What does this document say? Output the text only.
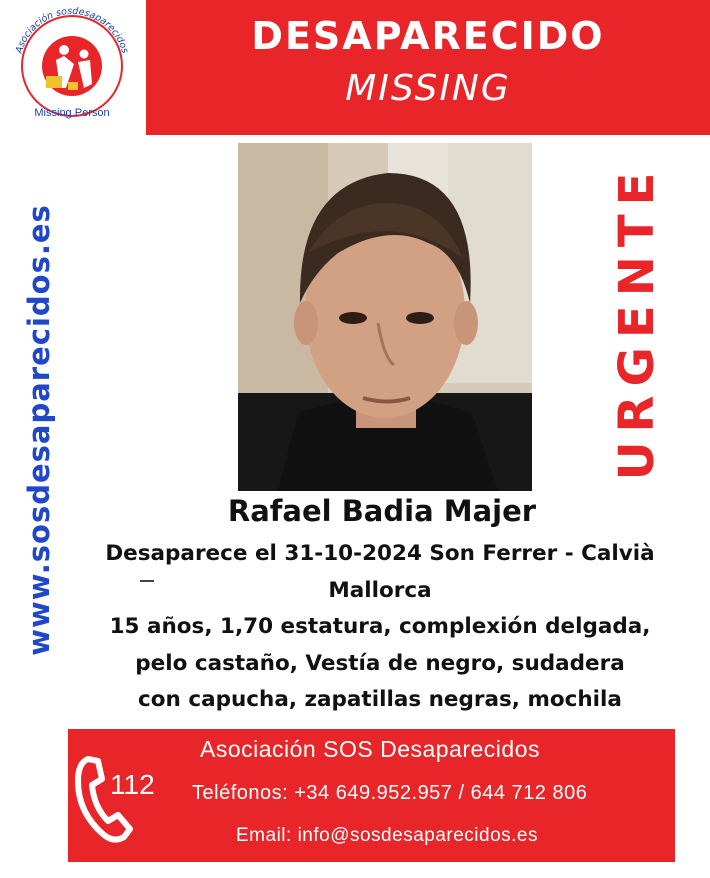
Asociación sosdesaparecidos
Missing Person
DESAPARECIDO
MISSING
www.sosdesaparecidos.es	URGENTE
Rafael Badia Majer
Desaparece el 31-10-2024 Son Ferrer - Calvià
Mallorca
15 años, 1,70 estatura, complexión delgada,
pelo castaño, Vestía de negro, sudadera
con capucha, zapatillas negras, mochila
112
Asociación SOS Desaparecidos
Teléfonos: +34 649.952.957 / 644 712 806
Email: info@sosdesaparecidos.es
